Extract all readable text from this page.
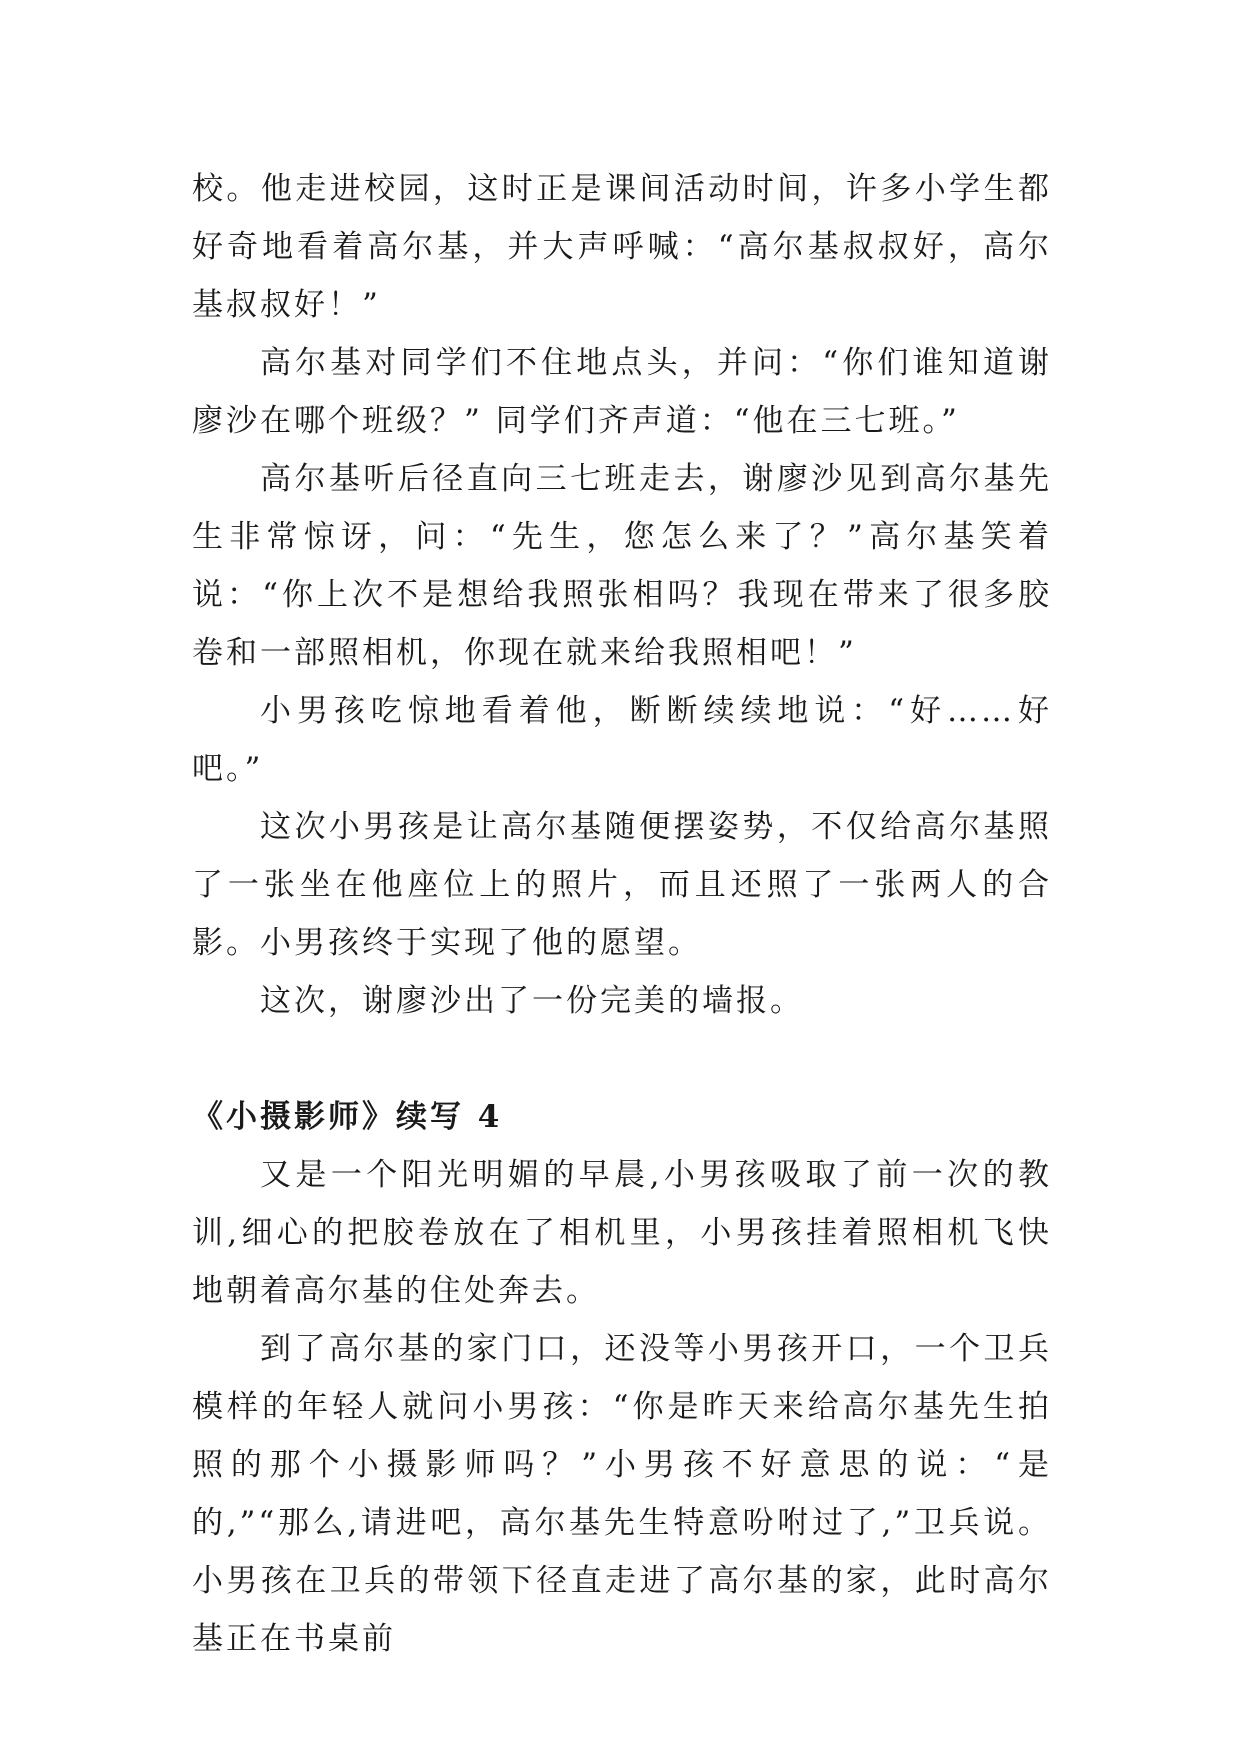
校。他走进校园，这时正是课间活动时间，许多小学生都好奇地看着高尔基，并大声呼喊：“高尔基叔叔好，高尔基叔叔好！”

高尔基对同学们不住地点头，并问：“你们谁知道谢廖沙在哪个班级？” 同学们齐声道：“他在三七班。”

高尔基听后径直向三七班走去，谢廖沙见到高尔基先生非常惊讶，问：“先生，您怎么来了？”高尔基笑着说：“你上次不是想给我照张相吗？我现在带来了很多胶卷和一部照相机，你现在就来给我照相吧！”

小男孩吃惊地看着他，断断续续地说：“好……好吧。”

这次小男孩是让高尔基随便摆姿势，不仅给高尔基照了一张坐在他座位上的照片，而且还照了一张两人的合影。小男孩终于实现了他的愿望。

这次，谢廖沙出了一份完美的墙报。

《小摄影师》续写 4

又是一个阳光明媚的早晨,小男孩吸取了前一次的教训,细心的把胶卷放在了相机里，小男孩挂着照相机飞快地朝着高尔基的住处奔去。

到了高尔基的家门口，还没等小男孩开口，一个卫兵模样的年轻人就问小男孩：“你是昨天来给高尔基先生拍照的那个小摄影师吗？”小男孩不好意思的说：“是的,”“那么,请进吧，高尔基先生特意吩咐过了,”卫兵说。小男孩在卫兵的带领下径直走进了高尔基的家，此时高尔基正在书桌前
